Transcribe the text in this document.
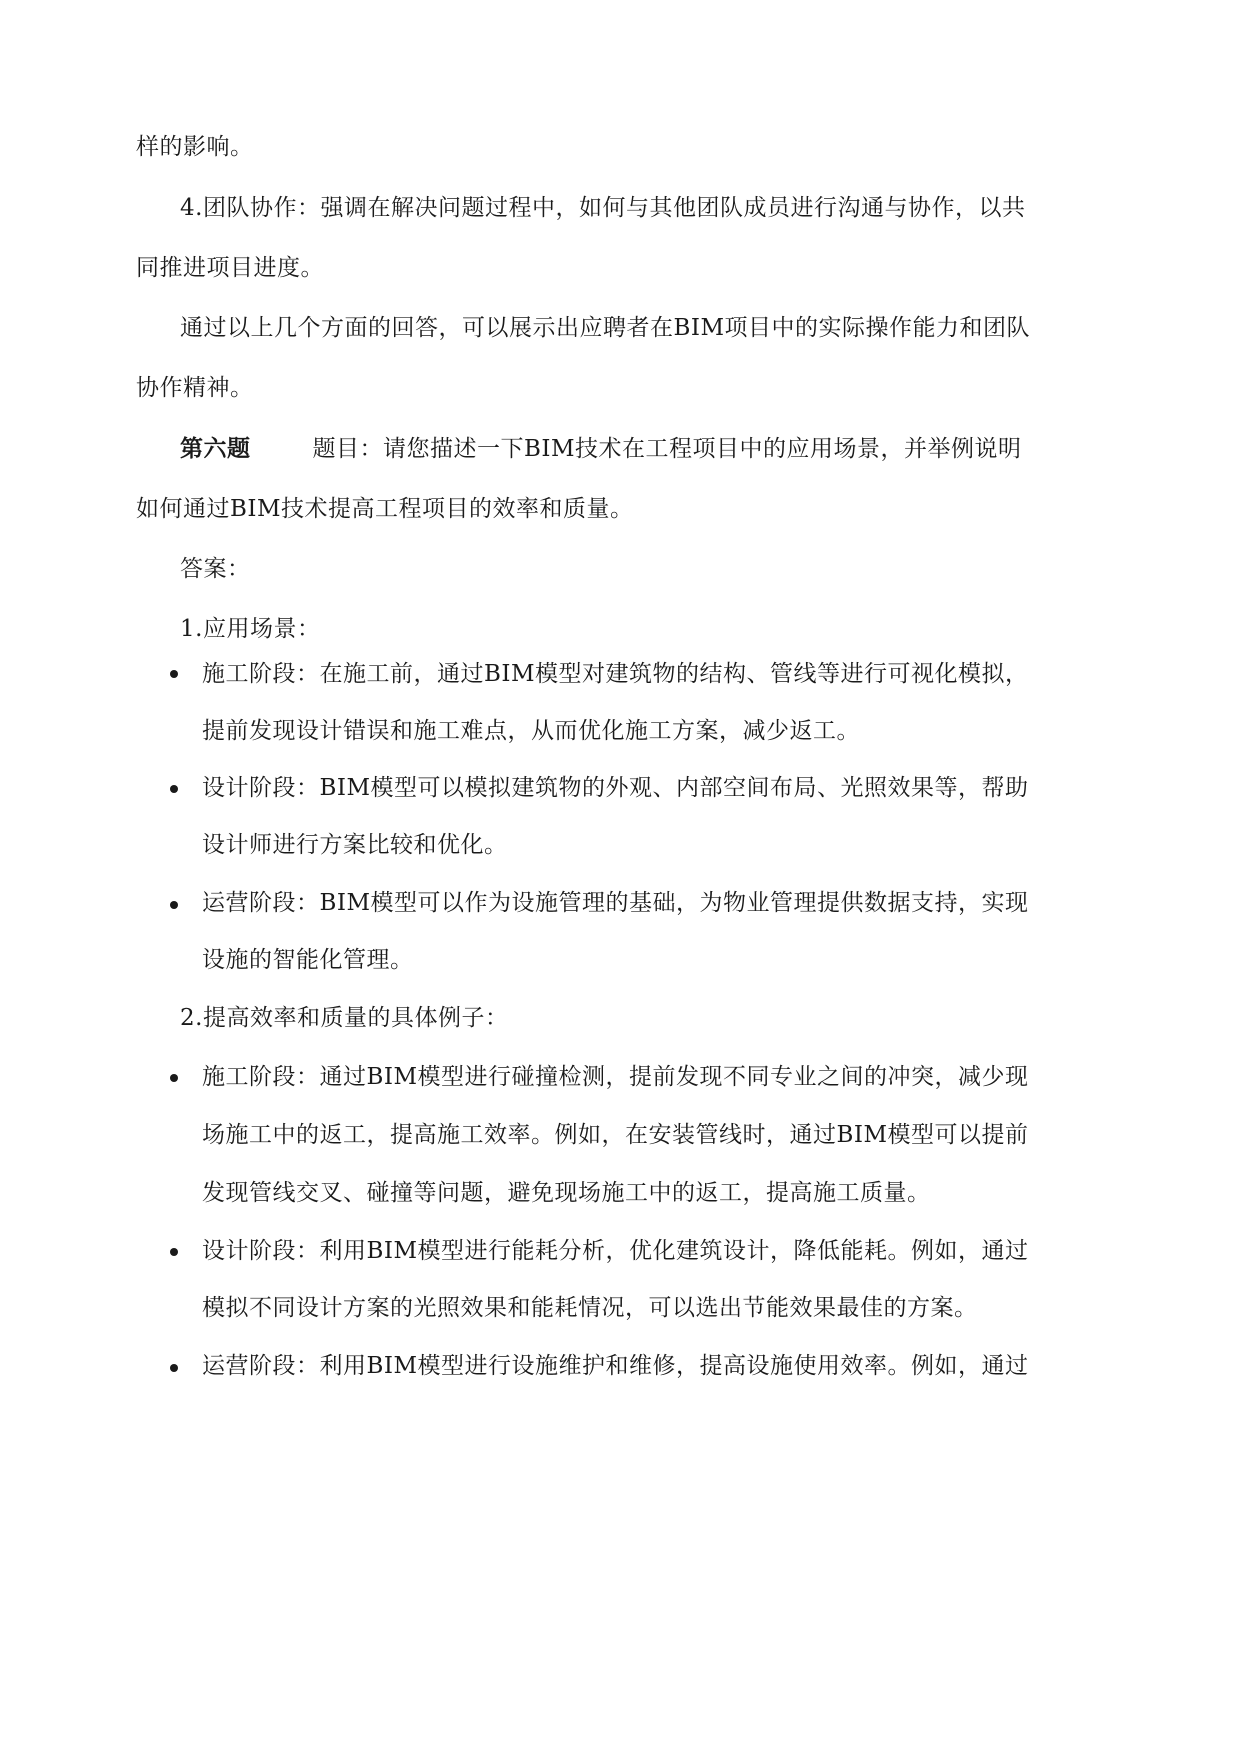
样的影响。
4.团队协作：强调在解决问题过程中，如何与其他团队成员进行沟通与协作，以共
同推进项目进度。
通过以上几个方面的回答，可以展示出应聘者在BIM项目中的实际操作能力和团队
协作精神。
第六题	题目：请您描述一下BIM技术在工程项目中的应用场景，并举例说明
如何通过BIM技术提高工程项目的效率和质量。
答案：
1.应用场景：
施工阶段：在施工前，通过BIM模型对建筑物的结构、管线等进行可视化模拟，
提前发现设计错误和施工难点，从而优化施工方案，减少返工。
设计阶段：BIM模型可以模拟建筑物的外观、内部空间布局、光照效果等，帮助
设计师进行方案比较和优化。
运营阶段：BIM模型可以作为设施管理的基础，为物业管理提供数据支持，实现
设施的智能化管理。
2.提高效率和质量的具体例子：
施工阶段：通过BIM模型进行碰撞检测，提前发现不同专业之间的冲突，减少现
场施工中的返工，提高施工效率。例如，在安装管线时，通过BIM模型可以提前
发现管线交叉、碰撞等问题，避免现场施工中的返工，提高施工质量。
设计阶段：利用BIM模型进行能耗分析，优化建筑设计，降低能耗。例如，通过
模拟不同设计方案的光照效果和能耗情况，可以选出节能效果最佳的方案。
运营阶段：利用BIM模型进行设施维护和维修，提高设施使用效率。例如，通过
